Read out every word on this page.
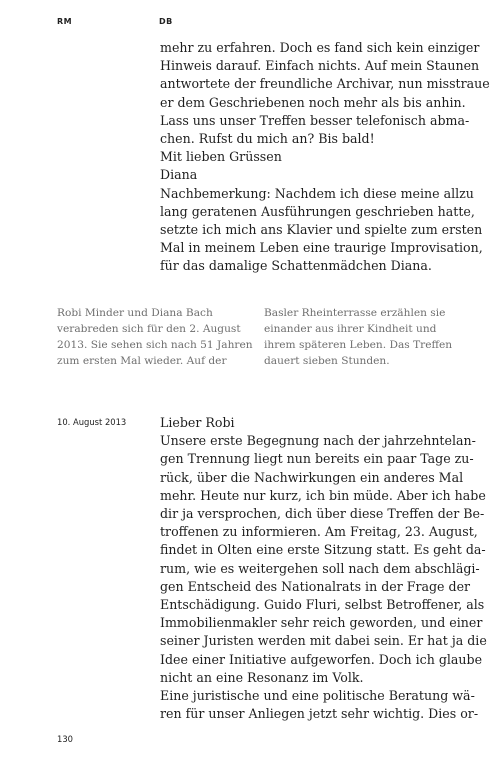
RM	DB
mehr zu erfahren. Doch es fand sich kein einziger
Hinweis darauf. Einfach nichts. Auf mein Staunen
antwortete der freundliche Archivar, nun misstraue
er dem Geschriebenen noch mehr als bis anhin.
Lass uns unser Treffen besser telefonisch abma-
chen. Rufst du mich an? Bis bald!
Mit lieben Grüssen
Diana
Nachbemerkung: Nachdem ich diese meine allzu
lang geratenen Ausführungen geschrieben hatte,
setzte ich mich ans Klavier und spielte zum ersten
Mal in meinem Leben eine traurige Improvisation,
für das damalige Schattenmädchen Diana.
Robi Minder und Diana Bach
verabreden sich für den 2. August
2013. Sie sehen sich nach 51 Jahren
zum ersten Mal wieder. Auf der
Basler Rheinterrasse erzählen sie
einander aus ihrer Kindheit und
ihrem späteren Leben. Das Treffen
dauert sieben Stunden.
10. August 2013	Lieber Robi
Unsere erste Begegnung nach der jahrzehntelan-
gen Trennung liegt nun bereits ein paar Tage zu-
rück, über die Nachwirkungen ein anderes Mal
mehr. Heute nur kurz, ich bin müde. Aber ich habe
dir ja versprochen, dich über diese Treffen der Be-
troffenen zu informieren. Am Freitag, 23. August,
findet in Olten eine erste Sitzung statt. Es geht da-
rum, wie es weitergehen soll nach dem abschlägi-
gen Entscheid des Nationalrats in der Frage der
Entschädigung. Guido Fluri, selbst Betroffener, als
Immobilienmakler sehr reich geworden, und einer
seiner Juristen werden mit dabei sein. Er hat ja die
Idee einer Initiative aufgeworfen. Doch ich glaube
nicht an eine Resonanz im Volk.
Eine juristische und eine politische Beratung wä-
ren für unser Anliegen jetzt sehr wichtig. Dies or-
130
